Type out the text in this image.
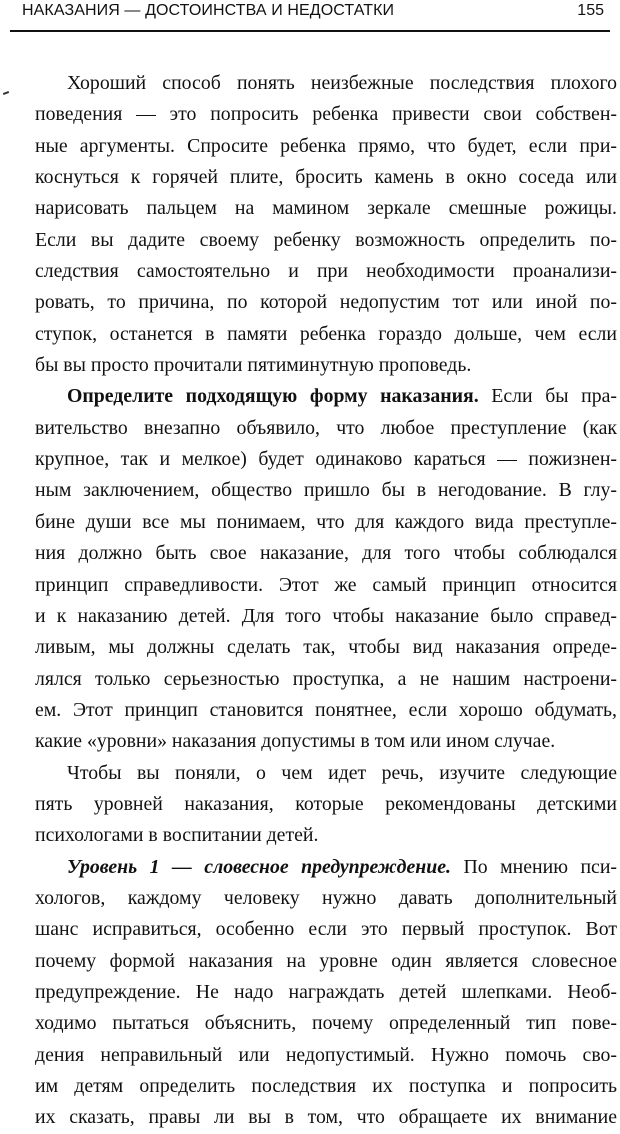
НАКАЗАНИЯ — ДОСТОИНСТВА И НЕДОСТАТКИ	155
Хороший способ понять неизбежные последствия плохого
поведения — это попросить ребенка привести свои собствен-
ные аргументы. Спросите ребенка прямо, что будет, если при-
коснуться к горячей плите, бросить камень в окно соседа или
нарисовать пальцем на мамином зеркале смешные рожицы.
Если вы дадите своему ребенку возможность определить по-
следствия самостоятельно и при необходимости проанализи-
ровать, то причина, по которой недопустим тот или иной по-
ступок, останется в памяти ребенка гораздо дольше, чем если
бы вы просто прочитали пятиминутную проповедь.
Определите подходящую форму наказания. Если бы пра-
вительство внезапно объявило, что любое преступление (как
крупное, так и мелкое) будет одинаково караться — пожизнен-
ным заключением, общество пришло бы в негодование. В глу-
бине души все мы понимаем, что для каждого вида преступле-
ния должно быть свое наказание, для того чтобы соблюдался
принцип справедливости. Этот же самый принцип относится
и к наказанию детей. Для того чтобы наказание было справед-
ливым, мы должны сделать так, чтобы вид наказания опреде-
лялся только серьезностью проступка, а не нашим настроени-
ем. Этот принцип становится понятнее, если хорошо обдумать,
какие «уровни» наказания допустимы в том или ином случае.
Чтобы вы поняли, о чем идет речь, изучите следующие
пять уровней наказания, которые рекомендованы детскими
психологами в воспитании детей.
Уровень 1 — словесное предупреждение. По мнению пси-
хологов, каждому человеку нужно давать дополнительный
шанс исправиться, особенно если это первый проступок. Вот
почему формой наказания на уровне один является словесное
предупреждение. Не надо награждать детей шлепками. Необ-
ходимо пытаться объяснить, почему определенный тип пове-
дения неправильный или недопустимый. Нужно помочь сво-
им детям определить последствия их поступка и попросить
их сказать, правы ли вы в том, что обращаете их внимание
